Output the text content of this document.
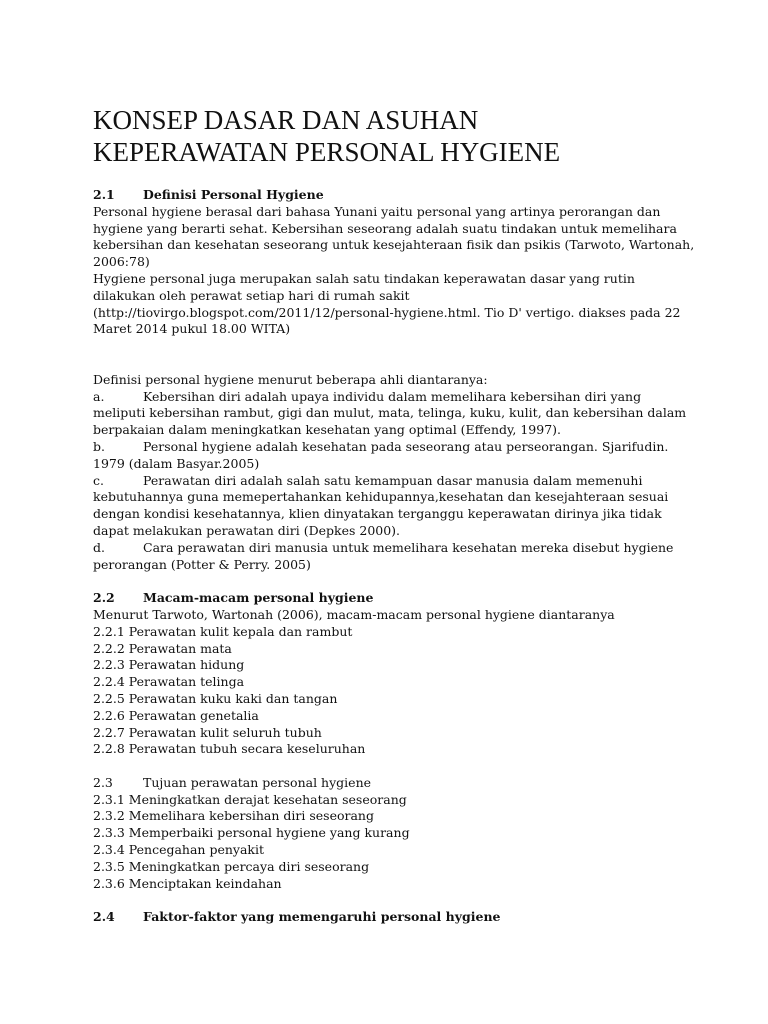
KONSEP DASAR DAN ASUHAN
KEPERAWATAN PERSONAL HYGIENE
2.1 Definisi Personal Hygiene
Personal hygiene berasal dari bahasa Yunani yaitu personal yang artinya perorangan dan
hygiene yang berarti sehat. Kebersihan seseorang adalah suatu tindakan untuk memelihara
kebersihan dan kesehatan seseorang untuk kesejahteraan fisik dan psikis (Tarwoto, Wartonah,
2006:78)
Hygiene personal juga merupakan salah satu tindakan keperawatan dasar yang rutin
dilakukan oleh perawat setiap hari di rumah sakit
(http://tiovirgo.blogspot.com/2011/12/personal-hygiene.html. Tio D' vertigo. diakses pada 22
Maret 2014 pukul 18.00 WITA)
Definisi personal hygiene menurut beberapa ahli diantaranya:
a.	Kebersihan diri adalah upaya individu dalam memelihara kebersihan diri yang
meliputi kebersihan rambut, gigi dan mulut, mata, telinga, kuku, kulit, dan kebersihan dalam
berpakaian dalam meningkatkan kesehatan yang optimal (Effendy, 1997).
b.	Personal hygiene adalah kesehatan pada seseorang atau perseorangan. Sjarifudin.
1979 (dalam Basyar.2005)
c.	Perawatan diri adalah salah satu kemampuan dasar manusia dalam memenuhi
kebutuhannya guna memepertahankan kehidupannya,kesehatan dan kesejahteraan sesuai
dengan kondisi kesehatannya, klien dinyatakan terganggu keperawatan dirinya jika tidak
dapat melakukan perawatan diri (Depkes 2000).
d.	Cara perawatan diri manusia untuk memelihara kesehatan mereka disebut hygiene
perorangan (Potter & Perry. 2005)
2.2 Macam-macam personal hygiene
Menurut Tarwoto, Wartonah (2006), macam-macam personal hygiene diantaranya
2.2.1 Perawatan kulit kepala dan rambut
2.2.2 Perawatan mata
2.2.3 Perawatan hidung
2.2.4 Perawatan telinga
2.2.5 Perawatan kuku kaki dan tangan
2.2.6 Perawatan genetalia
2.2.7 Perawatan kulit seluruh tubuh
2.2.8 Perawatan tubuh secara keseluruhan
2.3 Tujuan perawatan personal hygiene
2.3.1 Meningkatkan derajat kesehatan seseorang
2.3.2 Memelihara kebersihan diri seseorang
2.3.3 Memperbaiki personal hygiene yang kurang
2.3.4 Pencegahan penyakit
2.3.5 Meningkatkan percaya diri seseorang
2.3.6 Menciptakan keindahan
2.4 Faktor-faktor yang memengaruhi personal hygiene
